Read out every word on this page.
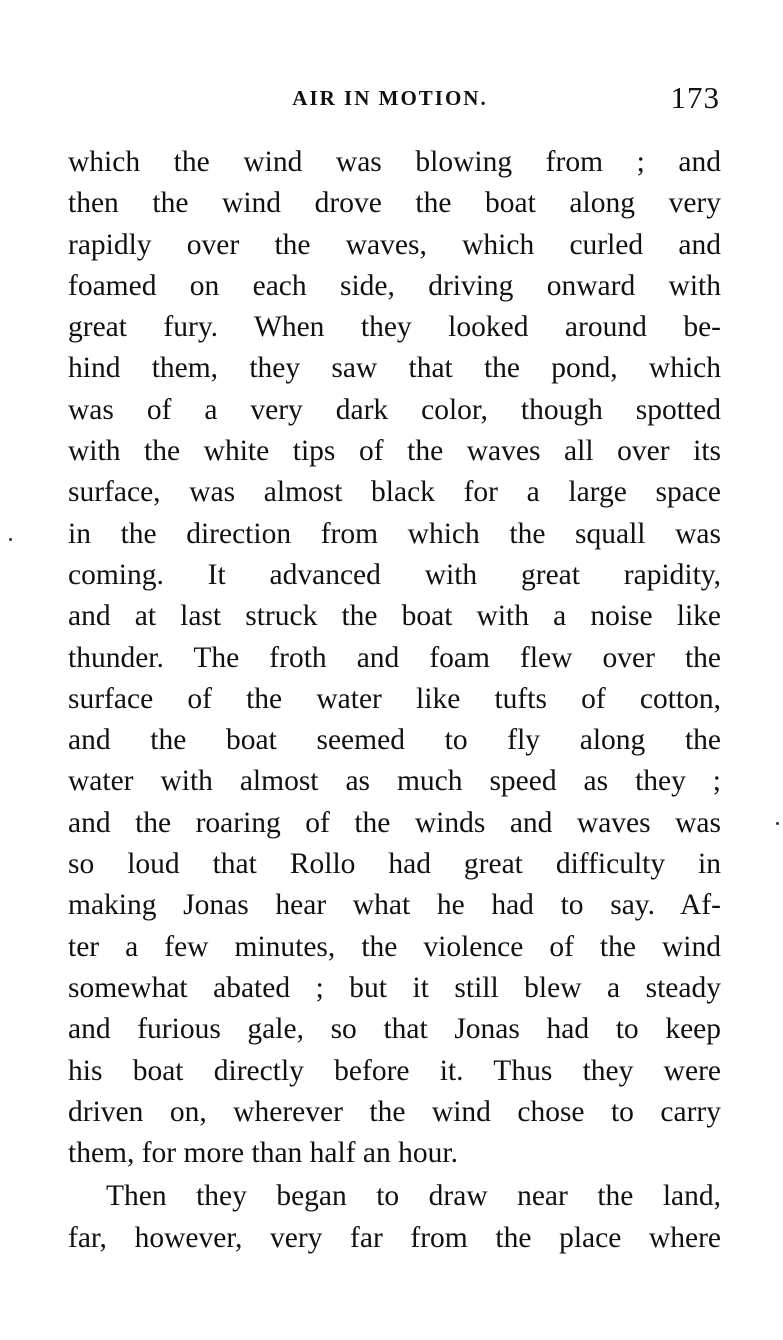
AIR IN MOTION.	173
which the wind was blowing from ; and
then the wind drove the boat along very
rapidly over the waves, which curled and
foamed on each side, driving onward with
great fury. When they looked around be-
hind them, they saw that the pond, which
was of a very dark color, though spotted
with the white tips of the waves all over its
surface, was almost black for a large space
in the direction from which the squall was
coming. It advanced with great rapidity,
and at last struck the boat with a noise like
thunder. The froth and foam flew over the
surface of the water like tufts of cotton,
and the boat seemed to fly along the
water with almost as much speed as they ;
and the roaring of the winds and waves was
so loud that Rollo had great difficulty in
making Jonas hear what he had to say. Af-
ter a few minutes, the violence of the wind
somewhat abated ; but it still blew a steady
and furious gale, so that Jonas had to keep
his boat directly before it. Thus they were
driven on, wherever the wind chose to carry
them, for more than half an hour.
Then they began to draw near the land,
far, however, very far from the place where
